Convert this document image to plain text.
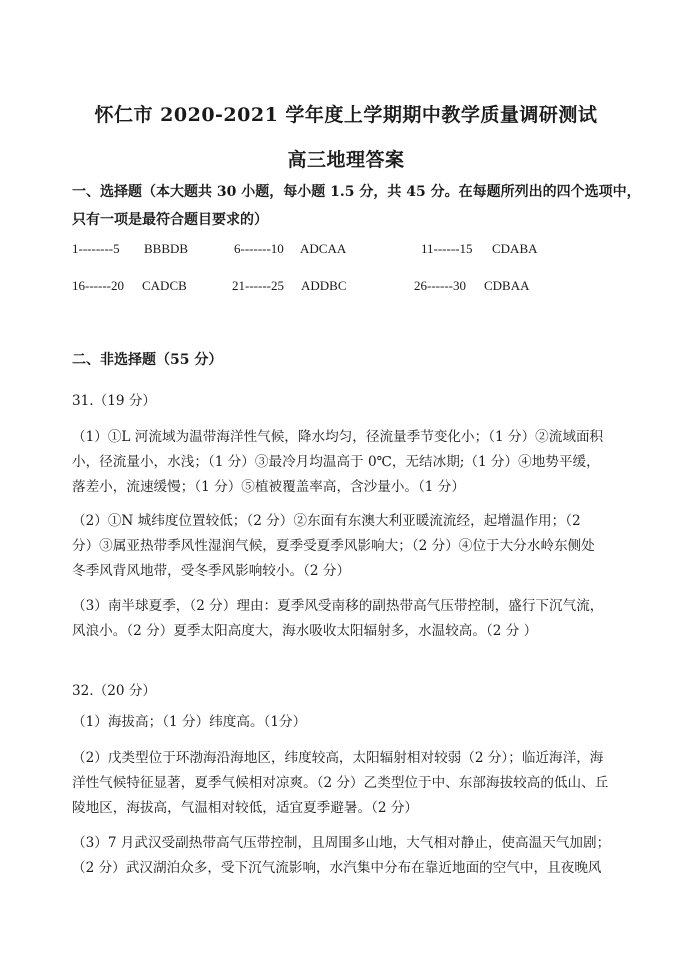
怀仁市 2020-2021 学年度上学期期中教学质量调研测试
高三地理答案
一、选择题（本大题共 30 小题，每小题 1.5 分，共 45 分。在每题所列出的四个选项中，
只有一项是最符合题目要求的）
1--------5 BBBDB	6-------10 ADCAA	11------15 CDABA
16------20 CADCB	21------25 ADDBC	26------30 CDBAA
二、非选择题（55 分）
31.（19 分）
（1）①L 河流域为温带海洋性气候，降水均匀，径流量季节变化小；（1 分）②流域面积
小，径流量小，水浅；（1 分）③最冷月均温高于 0℃，无结冰期;（1 分）④地势平缓，
落差小，流速缓慢；（1 分）⑤植被覆盖率高，含沙量小。（1 分）
（2）①N 城纬度位置较低；（2 分）②东面有东澳大利亚暖流流经，起增温作用；（2
分）③属亚热带季风性湿润气候，夏季受夏季风影响大；（2 分）④位于大分水岭东侧处
冬季风背风地带，受冬季风影响较小。（2 分）
（3）南半球夏季，（2 分）理由：夏季风受南移的副热带高气压带控制，盛行下沉气流，
风浪小。（2 分）夏季太阳高度大，海水吸收太阳辐射多，水温较高。（2 分 ）
32.（20 分）
（1）海拔高；（1 分）纬度高。（1分）
（2）戊类型位于环渤海沿海地区，纬度较高，太阳辐射相对较弱（2 分）；临近海洋，海
洋性气候特征显著，夏季气候相对凉爽。（2 分）乙类型位于中、东部海拔较高的低山、丘
陵地区，海拔高，气温相对较低，适宜夏季避暑。（2 分）
（3）7 月武汉受副热带高气压带控制，且周围多山地，大气相对静止，使高温天气加剧；
（2 分）武汉湖泊众多，受下沉气流影响，水汽集中分布在靠近地面的空气中，且夜晚风
